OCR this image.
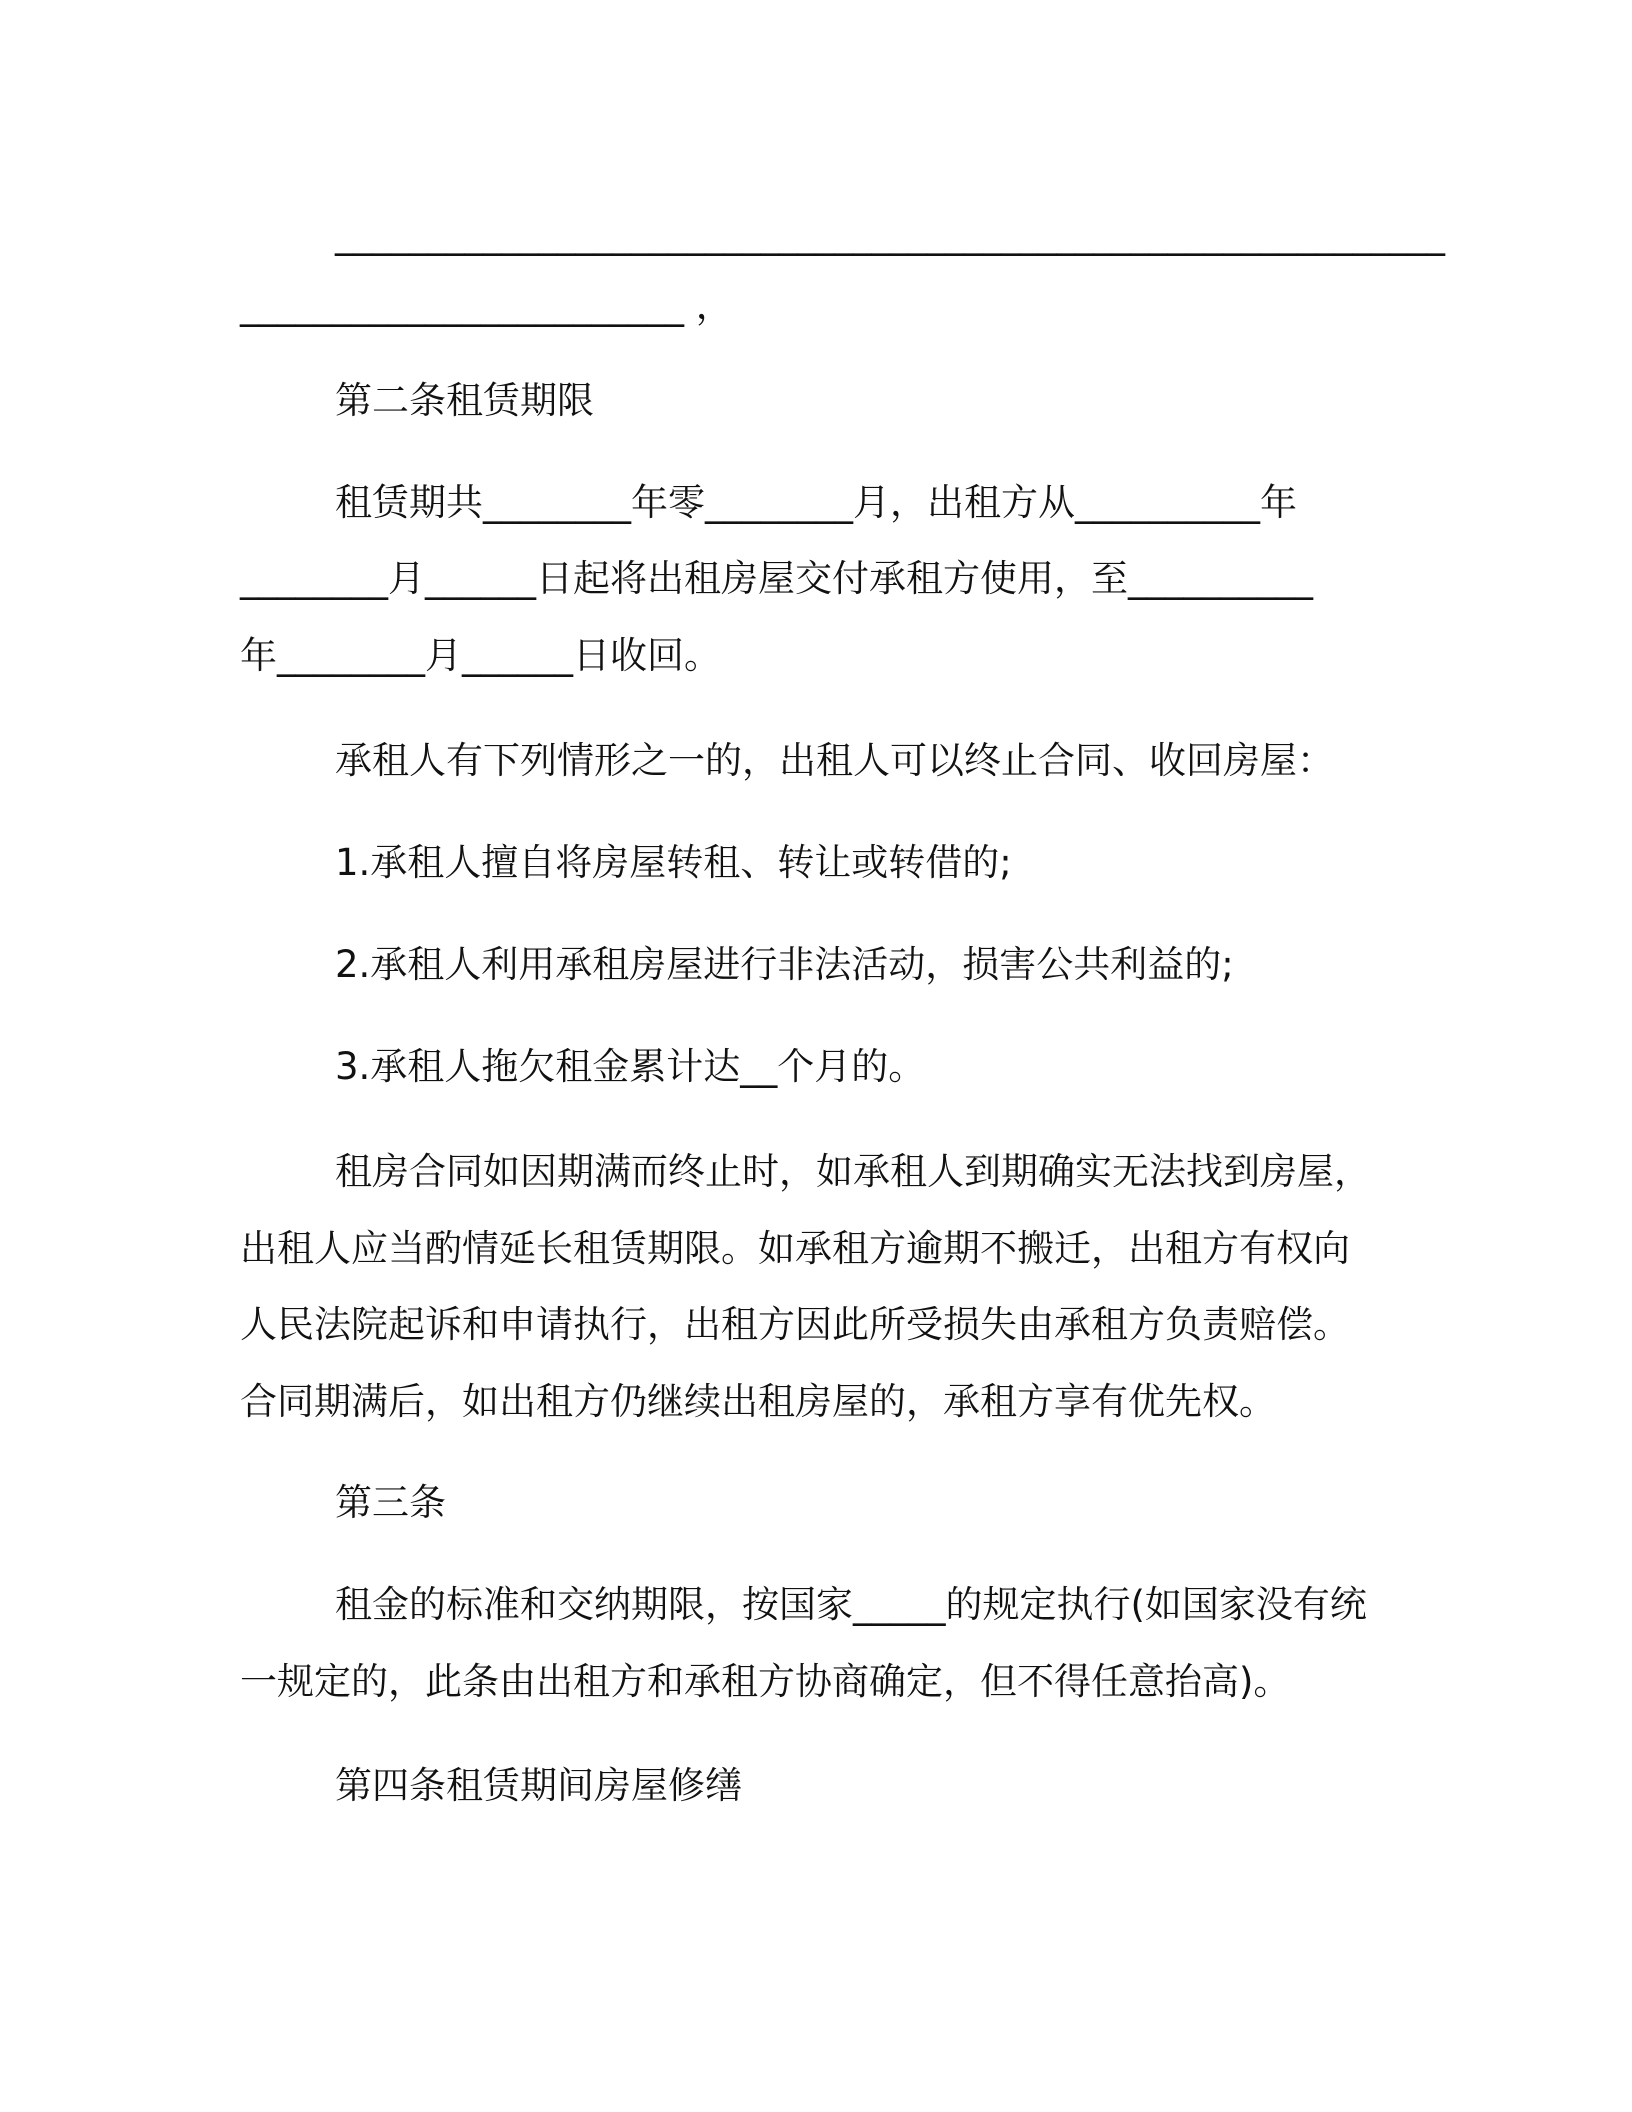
____________________________________________________________
________________________ ，
第二条租赁期限
租赁期共________年零________月，出租方从__________年
________月______日起将出租房屋交付承租方使用，至__________
年________月______日收回。
承租人有下列情形之一的，出租人可以终止合同、收回房屋：
1.承租人擅自将房屋转租、转让或转借的;
2.承租人利用承租房屋进行非法活动，损害公共利益的;
3.承租人拖欠租金累计达__个月的。
租房合同如因期满而终止时，如承租人到期确实无法找到房屋，
出租人应当酌情延长租赁期限。如承租方逾期不搬迁，出租方有权向
人民法院起诉和申请执行，出租方因此所受损失由承租方负责赔偿。
合同期满后，如出租方仍继续出租房屋的，承租方享有优先权。
第三条
租金的标准和交纳期限，按国家_____的规定执行(如国家没有统
一规定的，此条由出租方和承租方协商确定，但不得任意抬高)。
第四条租赁期间房屋修缮
